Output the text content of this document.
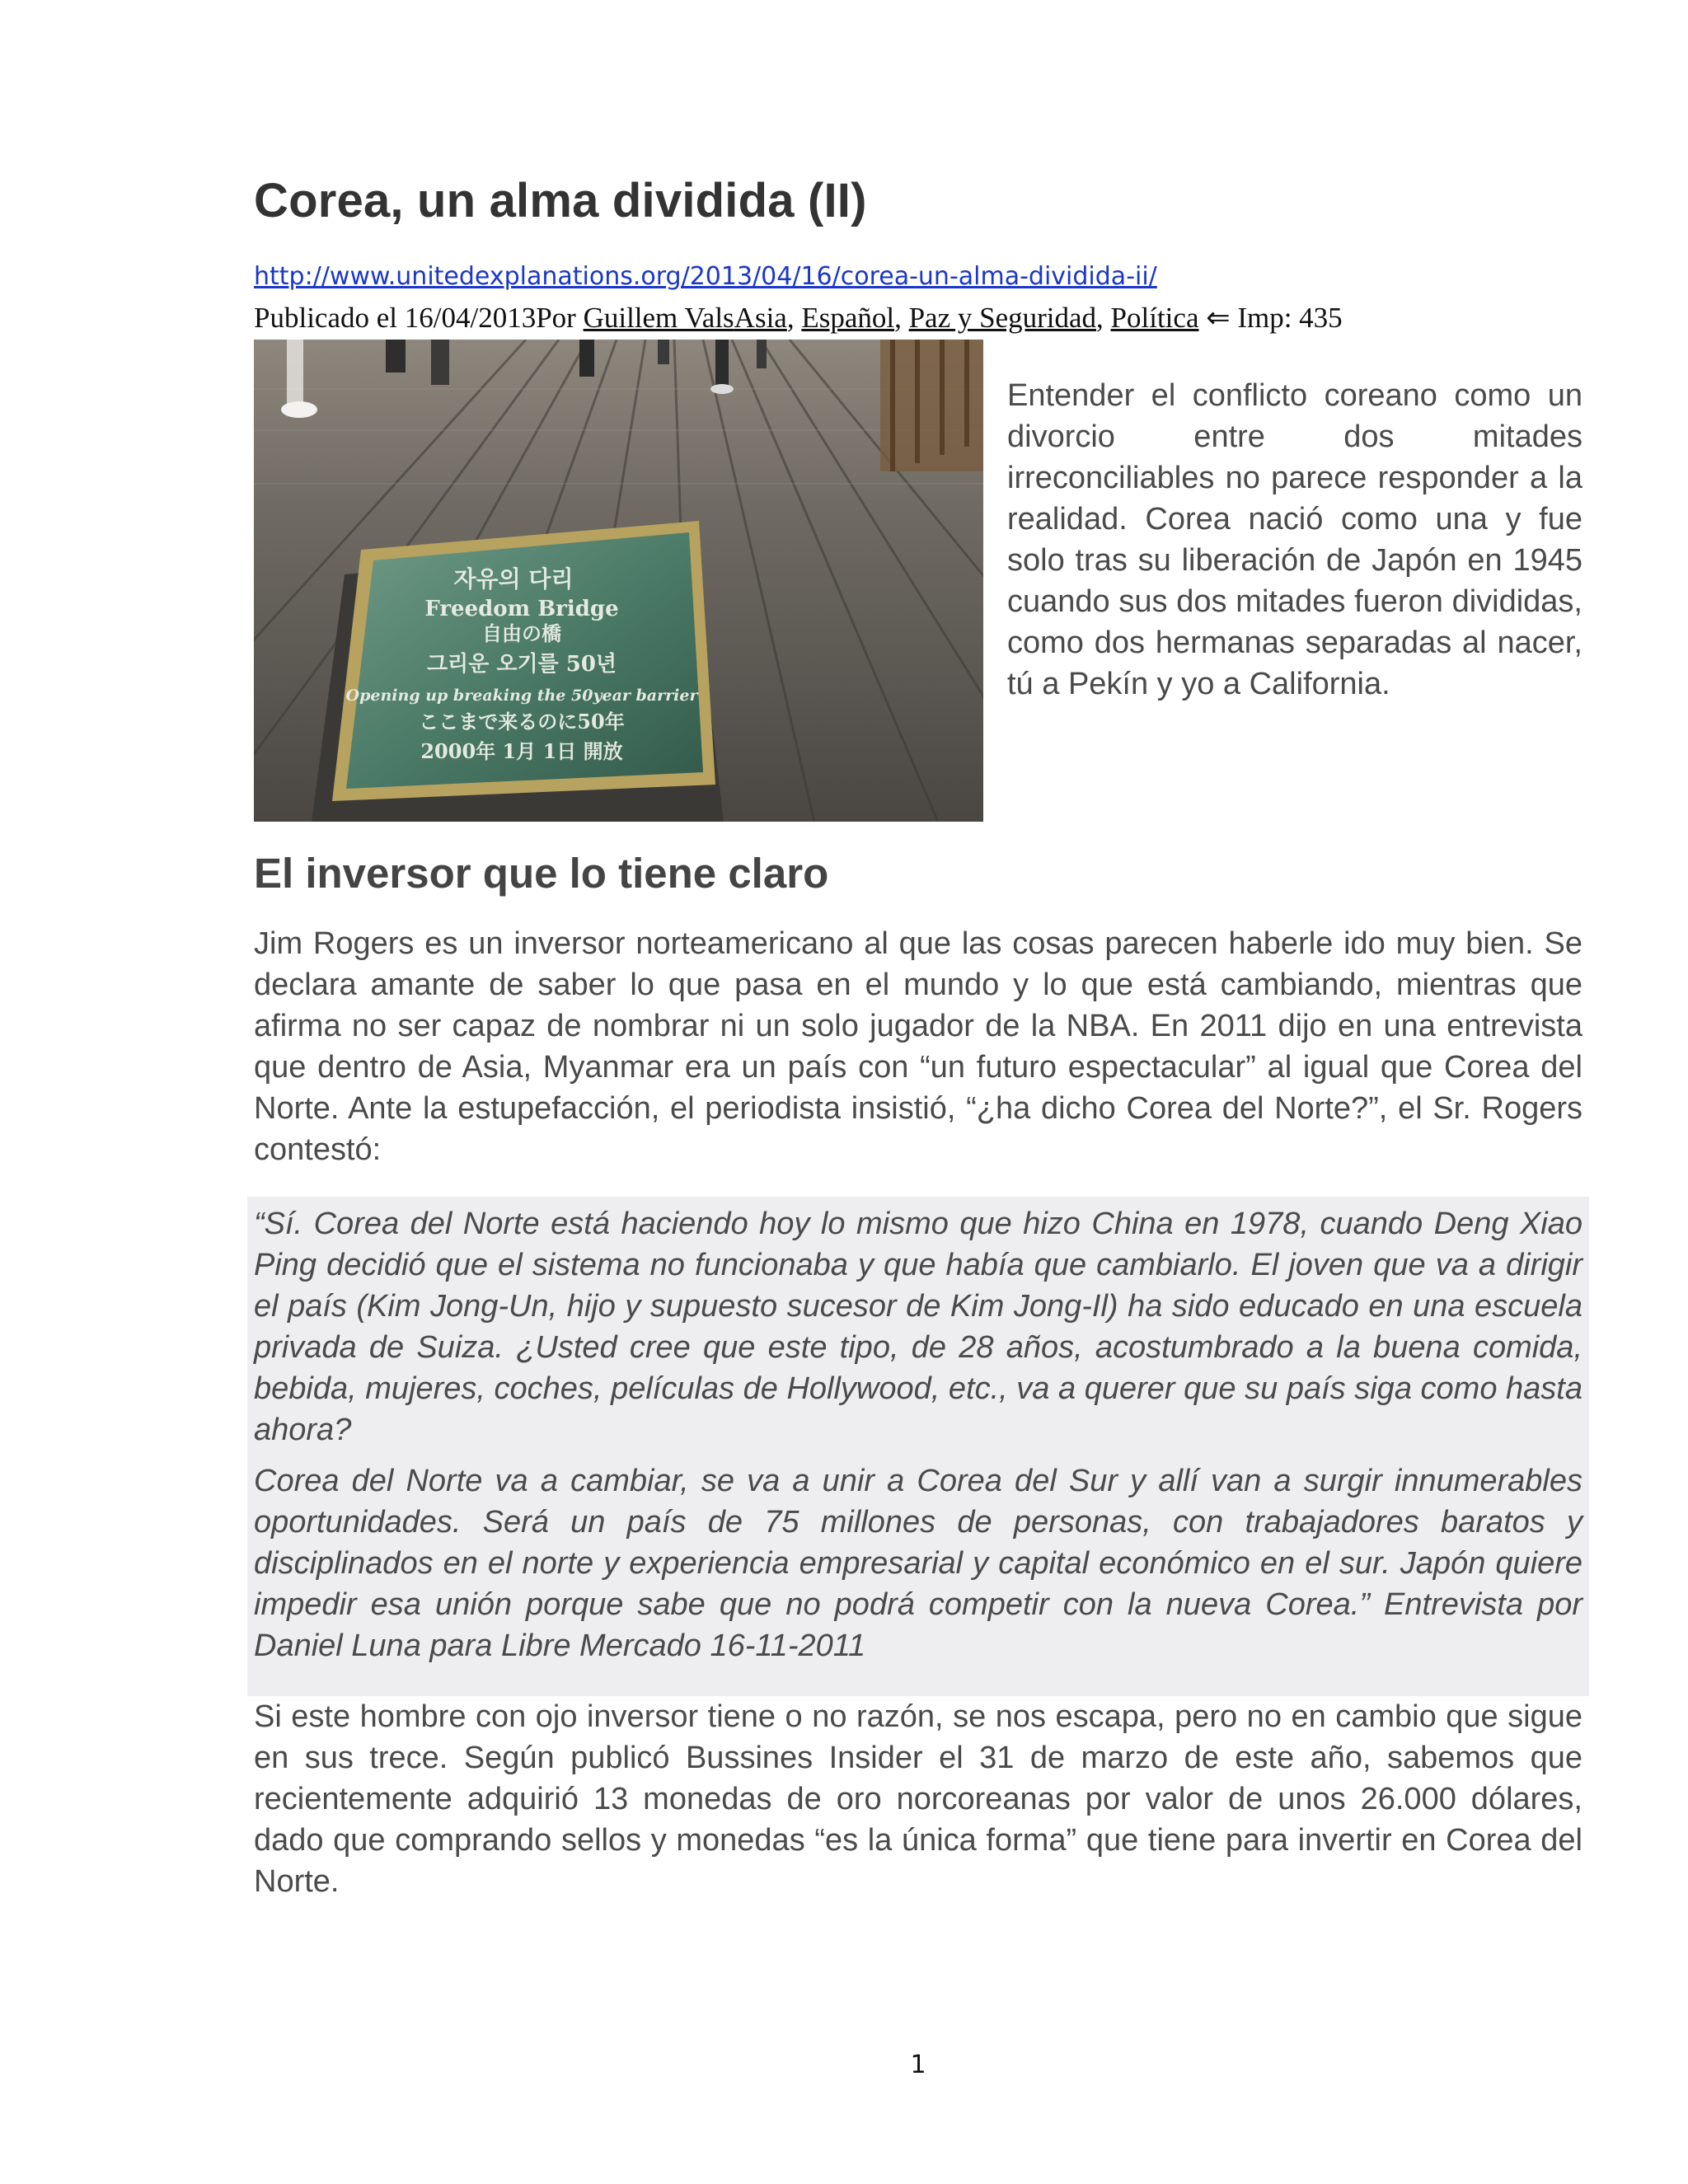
Corea, un alma dividida (II)
http://www.unitedexplanations.org/2013/04/16/corea-un-alma-dividida-ii/
Publicado el 16/04/2013Por Guillem ValsAsia, Español, Paz y Seguridad, Política ⇐ Imp: 435
자유의 다리
Freedom Bridge
自由の橋
그리운 오기를 50년
Opening up breaking the 50year barrier
ここまで来るのに50年
2000年 1月 1日 開放

Entender el conflicto coreano como un divorcio entre dos mitades irreconciliables no parece responder a la realidad. Corea nació como una y fue solo tras su liberación de Japón en 1945 cuando sus dos mitades fueron divididas, como dos hermanas separadas al nacer, tú a Pekín y yo a California.

El inversor que lo tiene claro

Jim Rogers es un inversor norteamericano al que las cosas parecen haberle ido muy bien. Se declara amante de saber lo que pasa en el mundo y lo que está cambiando, mientras que afirma no ser capaz de nombrar ni un solo jugador de la NBA. En 2011 dijo en una entrevista que dentro de Asia, Myanmar era un país con “un futuro espectacular” al igual que Corea del Norte. Ante la estupefacción, el periodista insistió, “¿ha dicho Corea del Norte?”, el Sr. Rogers contestó:

“Sí. Corea del Norte está haciendo hoy lo mismo que hizo China en 1978, cuando Deng Xiao Ping decidió que el sistema no funcionaba y que había que cambiarlo. El joven que va a dirigir el país (Kim Jong-Un, hijo y supuesto sucesor de Kim Jong-Il) ha sido educado en una escuela privada de Suiza. ¿Usted cree que este tipo, de 28 años, acostumbrado a la buena comida, bebida, mujeres, coches, películas de Hollywood, etc., va a querer que su país siga como hasta ahora?

Corea del Norte va a cambiar, se va a unir a Corea del Sur y allí van a surgir innumerables oportunidades. Será un país de 75 millones de personas, con trabajadores baratos y disciplinados en el norte y experiencia empresarial y capital económico en el sur. Japón quiere impedir esa unión porque sabe que no podrá competir con la nueva Corea.” Entrevista por Daniel Luna para Libre Mercado 16-11-2011

Si este hombre con ojo inversor tiene o no razón, se nos escapa, pero no en cambio que sigue en sus trece. Según publicó Bussines Insider el 31 de marzo de este año, sabemos que recientemente adquirió 13 monedas de oro norcoreanas por valor de unos 26.000 dólares, dado que comprando sellos y monedas “es la única forma” que tiene para invertir en Corea del Norte.

1
